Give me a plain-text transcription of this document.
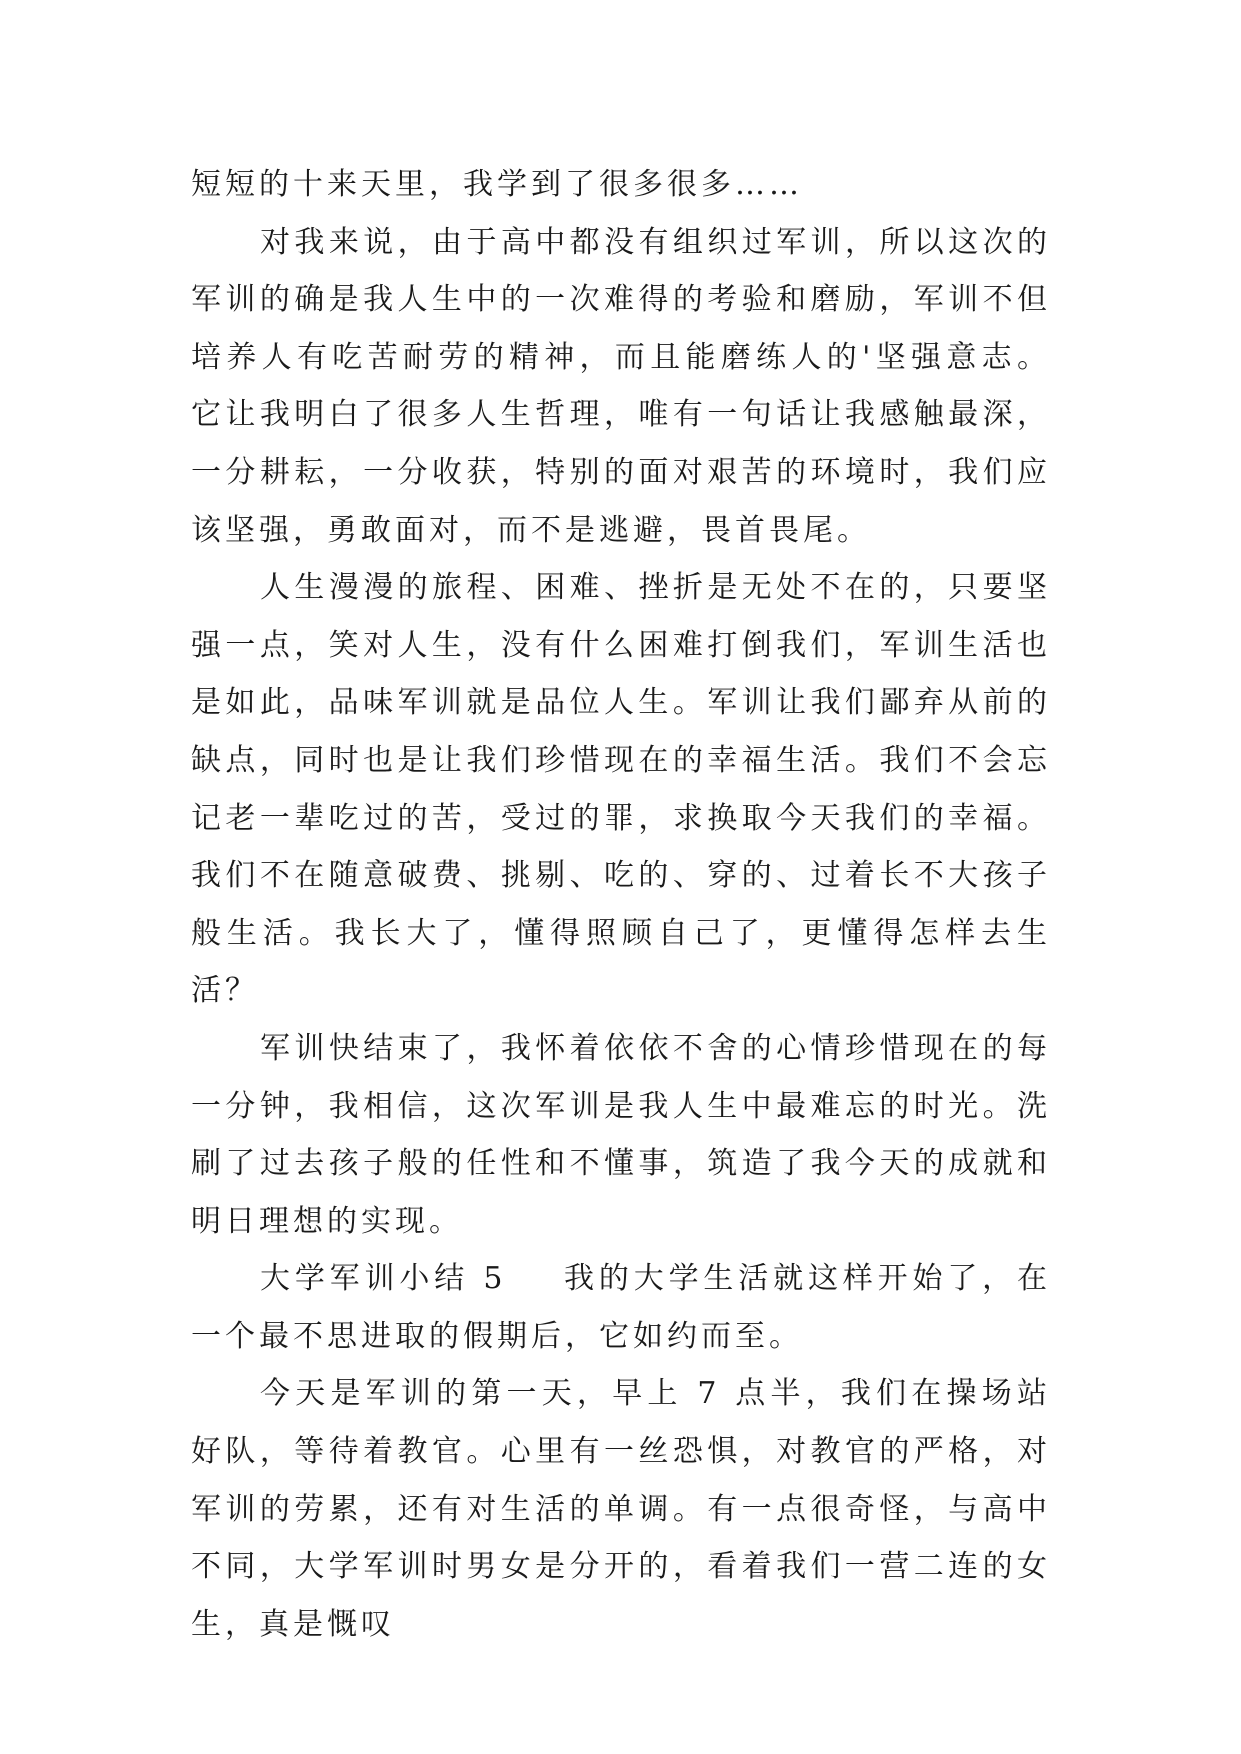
短短的十来天里，我学到了很多很多……

对我来说，由于高中都没有组织过军训，所以这次的军训的确是我人生中的一次难得的考验和磨励，军训不但培养人有吃苦耐劳的精神，而且能磨练人的'坚强意志。它让我明白了很多人生哲理，唯有一句话让我感触最深，一分耕耘，一分收获，特别的面对艰苦的环境时，我们应该坚强，勇敢面对，而不是逃避，畏首畏尾。

人生漫漫的旅程、困难、挫折是无处不在的，只要坚强一点，笑对人生，没有什么困难打倒我们，军训生活也是如此，品味军训就是品位人生。军训让我们鄙弃从前的缺点，同时也是让我们珍惜现在的幸福生活。我们不会忘记老一辈吃过的苦，受过的罪，求换取今天我们的幸福。我们不在随意破费、挑剔、吃的、穿的、过着长不大孩子般生活。我长大了，懂得照顾自己了，更懂得怎样去生活？

军训快结束了，我怀着依依不舍的心情珍惜现在的每一分钟，我相信，这次军训是我人生中最难忘的时光。洗刷了过去孩子般的任性和不懂事，筑造了我今天的成就和明日理想的实现。

大学军训小结 5 我的大学生活就这样开始了，在一个最不思进取的假期后，它如约而至。

今天是军训的第一天，早上 7 点半，我们在操场站好队，等待着教官。心里有一丝恐惧，对教官的严格，对军训的劳累，还有对生活的单调。有一点很奇怪，与高中不同，大学军训时男女是分开的，看着我们一营二连的女生，真是慨叹
